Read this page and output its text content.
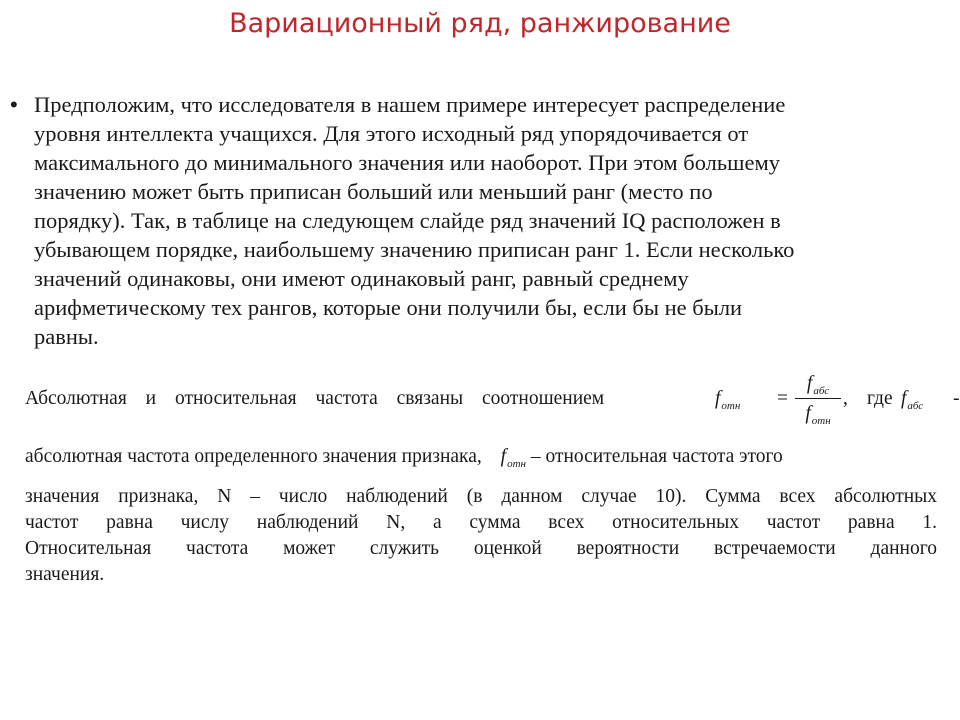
Вариационный ряд, ранжирование
• Предположим, что исследователя в нашем примере интересует распределение
уровня интеллекта учащихся. Для этого исходный ряд упорядочивается от
максимального до минимального значения или наоборот. При этом большему
значению может быть приписан больший или меньший ранг (место по
порядку). Так, в таблице на следующем слайде ряд значений IQ расположен в
убывающем порядке, наибольшему значению приписан ранг 1. Если несколько
значений одинаковы, они имеют одинаковый ранг, равный среднему
арифметическому тех рангов, которые они получили бы, если бы не были
равны.
Абсолютная и относительная частота связаны соотношением	$f_{отн}$ =
$f_{абс}$
$f_{отн}$
, где $f_{абс}$ -
абсолютная частота определенного значения признака, $f_{отн}$ – относительная частота этого
значения признака, N – число наблюдений (в данном случае 10). Сумма всех абсолютных
частот равна числу наблюдений N, а сумма всех относительных частот равна 1.
Относительная частота может служить оценкой вероятности встречаемости данного
значения.
